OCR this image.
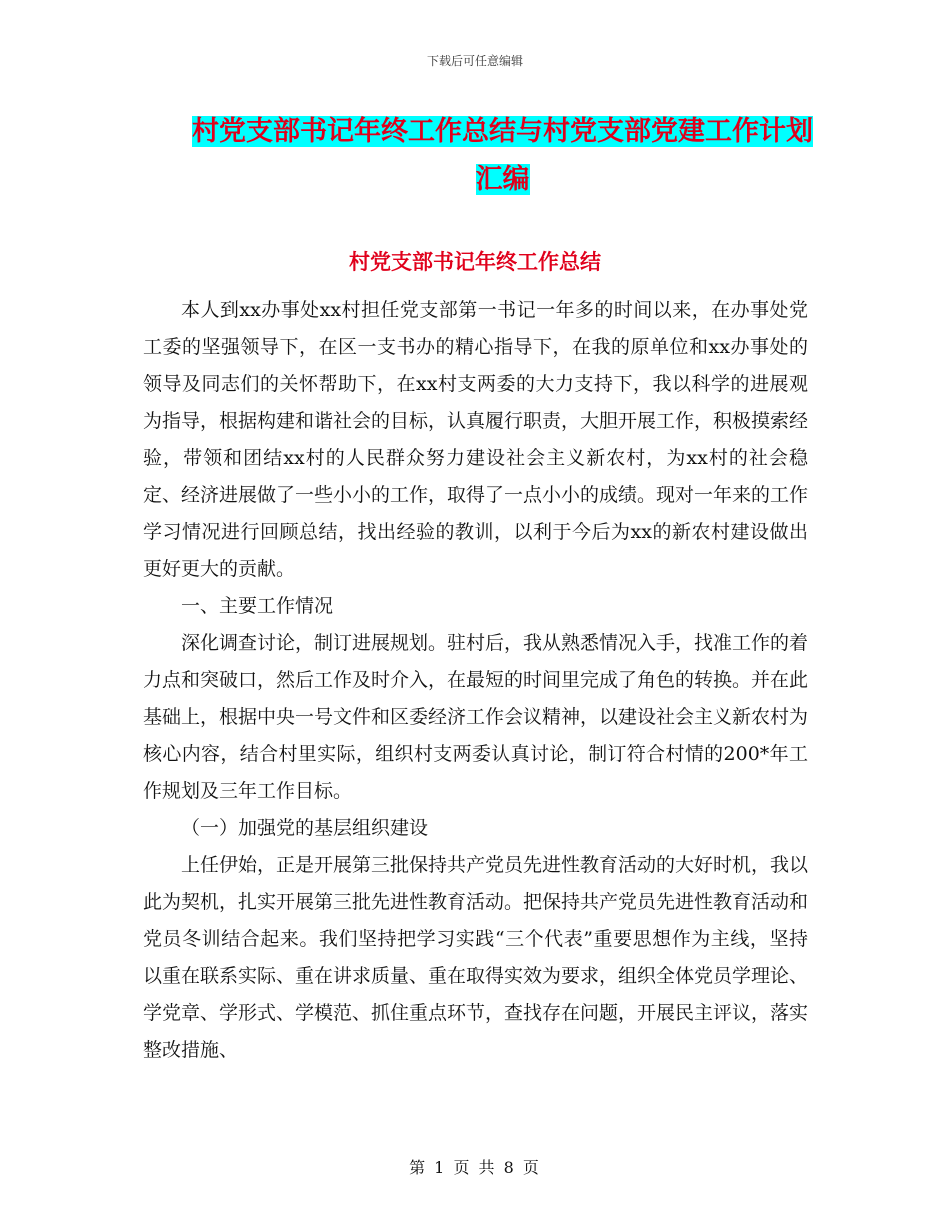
下载后可任意编辑
村党支部书记年终工作总结与村党支部党建工作计划汇编
村党支部书记年终工作总结

本人到xx办事处xx村担任党支部第一书记一年多的时间以来，在办事处党工委的坚强领导下，在区一支书办的精心指导下，在我的原单位和xx办事处的领导及同志们的关怀帮助下，在xx村支两委的大力支持下，我以科学的进展观为指导，根据构建和谐社会的目标，认真履行职责，大胆开展工作，积极摸索经验，带领和团结xx村的人民群众努力建设社会主义新农村，为xx村的社会稳定、经济进展做了一些小小的工作，取得了一点小小的成绩。现对一年来的工作学习情况进行回顾总结，找出经验的教训，以利于今后为xx的新农村建设做出更好更大的贡献。

一、主要工作情况

深化调查讨论，制订进展规划。驻村后，我从熟悉情况入手，找准工作的着力点和突破口，然后工作及时介入，在最短的时间里完成了角色的转换。并在此基础上，根据中央一号文件和区委经济工作会议精神，以建设社会主义新农村为核心内容，结合村里实际，组织村支两委认真讨论，制订符合村情的200*年工作规划及三年工作目标。

（一）加强党的基层组织建设

上任伊始，正是开展第三批保持共产党员先进性教育活动的大好时机，我以此为契机，扎实开展第三批先进性教育活动。把保持共产党员先进性教育活动和党员冬训结合起来。我们坚持把学习实践“三个代表”重要思想作为主线，坚持以重在联系实际、重在讲求质量、重在取得实效为要求，组织全体党员学理论、学党章、学形式、学模范、抓住重点环节，查找存在问题，开展民主评议，落实整改措施、

第 1 页 共 8 页
